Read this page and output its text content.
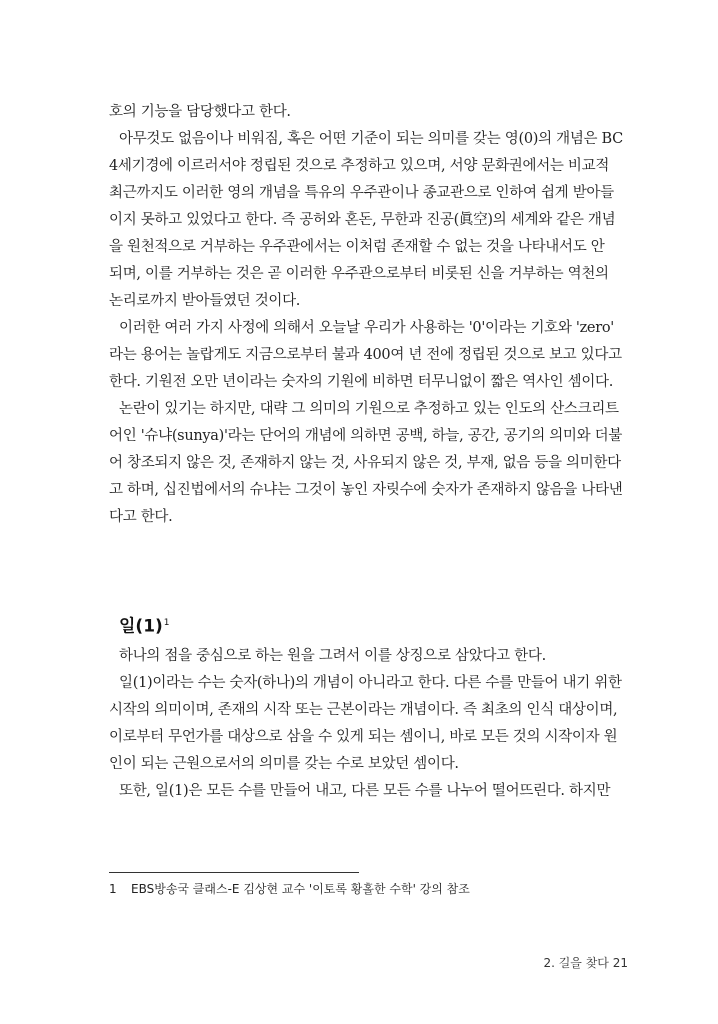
호의 기능을 담당했다고 한다.
아무것도 없음이나 비워짐, 혹은 어떤 기준이 되는 의미를 갖는 영(0)의 개념은 BC
4세기경에 이르러서야 정립된 것으로 추정하고 있으며, 서양 문화권에서는 비교적
최근까지도 이러한 영의 개념을 특유의 우주관이나 종교관으로 인하여 쉽게 받아들
이지 못하고 있었다고 한다. 즉 공허와 혼돈, 무한과 진공(眞空)의 세계와 같은 개념
을 원천적으로 거부하는 우주관에서는 이처럼 존재할 수 없는 것을 나타내서도 안
되며, 이를 거부하는 것은 곧 이러한 우주관으로부터 비롯된 신을 거부하는 역천의
논리로까지 받아들였던 것이다.
이러한 여러 가지 사정에 의해서 오늘날 우리가 사용하는 '0'이라는 기호와 'zero'
라는 용어는 놀랍게도 지금으로부터 불과 400여 년 전에 정립된 것으로 보고 있다고
한다. 기원전 오만 년이라는 숫자의 기원에 비하면 터무니없이 짧은 역사인 셈이다.
논란이 있기는 하지만, 대략 그 의미의 기원으로 추정하고 있는 인도의 산스크리트
어인 '슈냐(sunya)'라는 단어의 개념에 의하면 공백, 하늘, 공간, 공기의 의미와 더불
어 창조되지 않은 것, 존재하지 않는 것, 사유되지 않은 것, 부재, 없음 등을 의미한다
고 하며, 십진법에서의 슈냐는 그것이 놓인 자릿수에 숫자가 존재하지 않음을 나타낸
다고 한다.
일$(1)^1$
하나의 점을 중심으로 하는 원을 그려서 이를 상징으로 삼았다고 한다.
일(1)이라는 수는 숫자(하나)의 개념이 아니라고 한다. 다른 수를 만들어 내기 위한
시작의 의미이며, 존재의 시작 또는 근본이라는 개념이다. 즉 최초의 인식 대상이며,
이로부터 무언가를 대상으로 삼을 수 있게 되는 셈이니, 바로 모든 것의 시작이자 원
인이 되는 근원으로서의 의미를 갖는 수로 보았던 셈이다.
또한, 일(1)은 모든 수를 만들어 내고, 다른 모든 수를 나누어 떨어뜨린다. 하지만
1 EBS방송국 클래스-E 김상현 교수 '이토록 황홀한 수학' 강의 참조
2. 길을 찾다 21
